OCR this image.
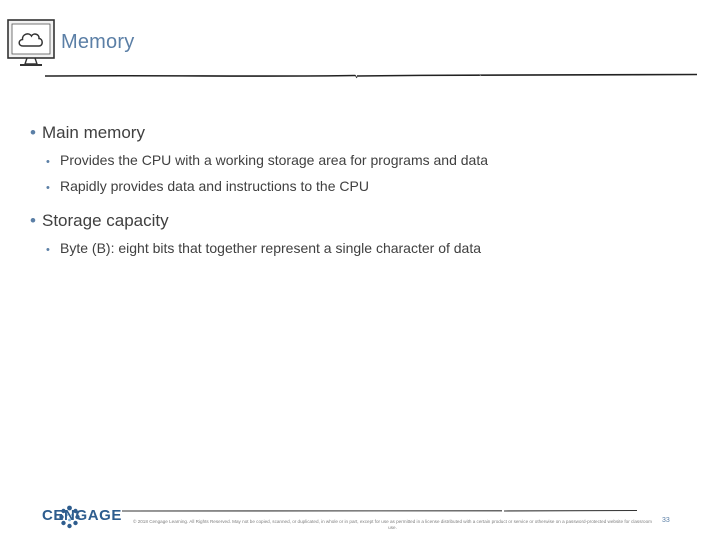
Memory
• Main memory
• Provides the CPU with a working storage area for programs and data
• Rapidly provides data and instructions to the CPU
• Storage capacity
• Byte (B): eight bits that together represent a single character of data
CENGAGE	© 2018 Cengage Learning. All Rights Reserved. May not be copied, scanned, or duplicated, in whole or in part, except for use as permitted in a license distributed with a certain product or service or otherwise on a password-protected website for classroom use.
33
